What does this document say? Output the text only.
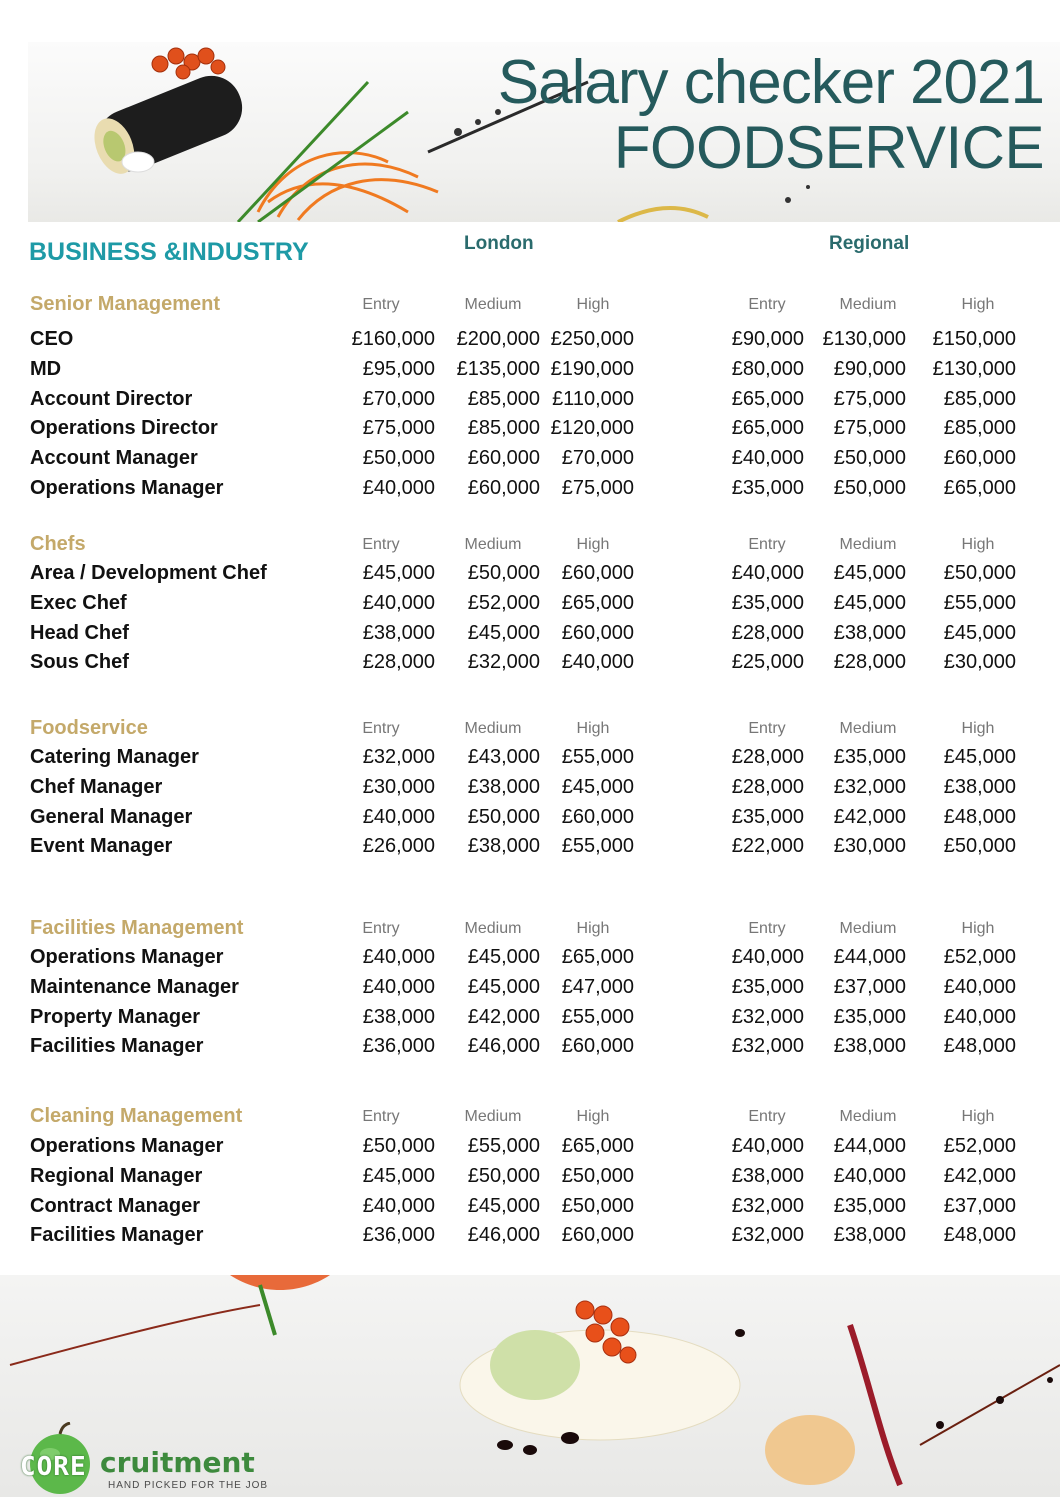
Salary checker 2021
FOODSERVICE
BUSINESS &INDUSTRY	London	Regional
Senior Management	Entry	Medium	High	Entry	Medium	High
CEO	£160,000 £200,000 £250,000	£90,000 £130,000 £150,000
MD	£95,000 £135,000 £190,000	£80,000 £90,000 £130,000
Account Director	£70,000 £85,000 £110,000	£65,000 £75,000 £85,000
Operations Director	£75,000 £85,000 £120,000	£65,000 £75,000 £85,000
Account Manager	£50,000 £60,000 £70,000	£40,000 £50,000 £60,000
Operations Manager	£40,000 £60,000 £75,000	£35,000 £50,000 £65,000
Chefs	Entry	Medium	High	Entry	Medium	High
Area / Development Chef	£45,000 £50,000 £60,000	£40,000 £45,000 £50,000
Exec Chef	£40,000 £52,000 £65,000	£35,000 £45,000 £55,000
Head Chef	£38,000 £45,000 £60,000	£28,000 £38,000 £45,000
Sous Chef	£28,000 £32,000 £40,000	£25,000 £28,000 £30,000
Foodservice	Entry	Medium	High	Entry	Medium	High
Catering Manager	£32,000 £43,000 £55,000	£28,000 £35,000 £45,000
Chef Manager	£30,000 £38,000 £45,000	£28,000 £32,000 £38,000
General Manager	£40,000 £50,000 £60,000	£35,000 £42,000 £48,000
Event Manager	£26,000 £38,000 £55,000	£22,000 £30,000 £50,000
Facilities Management	Entry	Medium	High	Entry	Medium	High
Operations Manager	£40,000 £45,000 £65,000	£40,000 £44,000 £52,000
Maintenance Manager	£40,000 £45,000 £47,000	£35,000 £37,000 £40,000
Property Manager	£38,000 £42,000 £55,000	£32,000 £35,000 £40,000
Facilities Manager	£36,000 £46,000 £60,000	£32,000 £38,000 £48,000
Cleaning Management	Entry	Medium	High	Entry	Medium	High
Operations Manager	£50,000 £55,000 £65,000	£40,000 £44,000 £52,000
Regional Manager	£45,000 £50,000 £50,000	£38,000 £40,000 £42,000
Contract Manager	£40,000 £45,000 £50,000	£32,000 £35,000 £37,000
Facilities Manager	£36,000 £46,000 £60,000	£32,000 £38,000 £48,000
CORE cruitment
HAND PICKED FOR THE JOB
